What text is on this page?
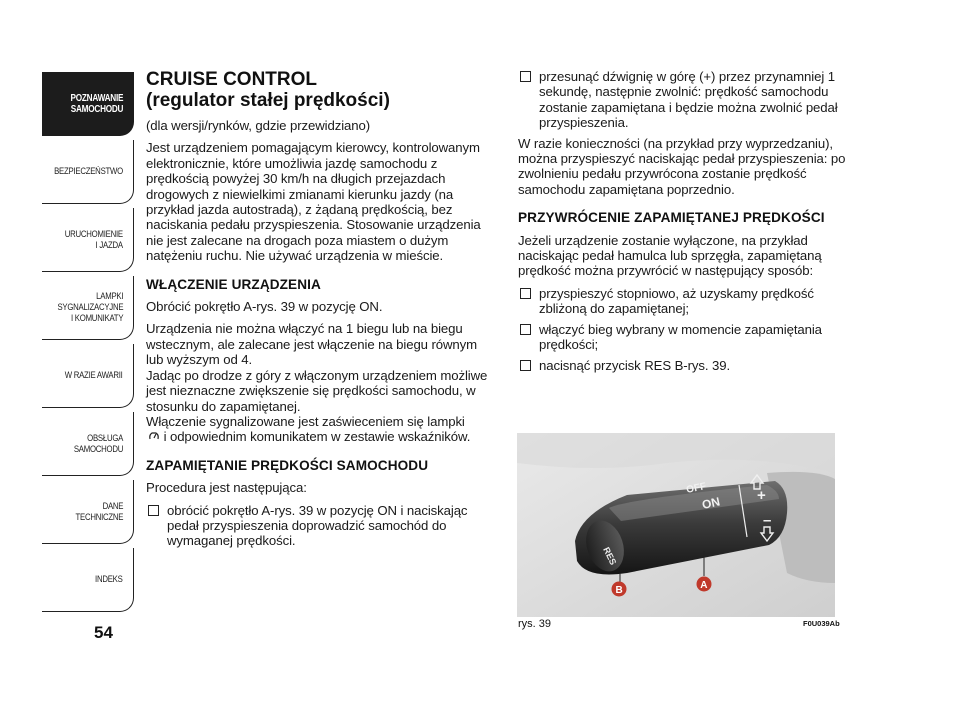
POZNAWANIE
SAMOCHODU
BEZPIECZEŃSTWO
URUCHOMIENIE
I JAZDA
LAMPKI
SYGNALIZACYJNE
I KOMUNIKATY
W RAZIE AWARII
OBSŁUGA
SAMOCHODU
DANE
TECHNICZNE
INDEKS
54
CRUISE CONTROL
(regulator stałej prędkości)

(dla wersji/rynków, gdzie przewidziano)

Jest urządzeniem pomagającym kierowcy, kontrolowanym elektronicznie, które umożliwia jazdę samochodu z prędkością powyżej 30 km/h na długich przejazdach drogowych z niewielkimi zmianami kierunku jazdy (na przykład jazda autostradą), z żądaną prędkością, bez naciskania pedału przyspieszenia. Stosowanie urządzenia nie jest zalecane na drogach poza miastem o dużym natężeniu ruchu. Nie używać urządzenia w mieście.

WŁĄCZENIE URZĄDZENIA

Obrócić pokrętło A-rys. 39 w pozycję ON.

Urządzenia nie można włączyć na 1 biegu lub na biegu wstecznym, ale zalecane jest włączenie na biegu równym lub wyższym od 4.
Jadąc po drodze z góry z włączonym urządzeniem możliwe jest nieznaczne zwiększenie się prędkości samochodu, w stosunku do zapamiętanej.
Włączenie sygnalizowane jest zaświeceniem się lampki
i odpowiednim komunikatem w zestawie wskaźników.

ZAPAMIĘTANIE PRĘDKOŚCI SAMOCHODU

Procedura jest następująca:

obrócić pokrętło A-rys. 39 w pozycję ON i naciskając pedał przyspieszenia doprowadzić samochód do wymaganej prędkości.
przesunąć dźwignię w górę (+) przez przynamniej 1 sekundę, następnie zwolnić: prędkość samochodu zostanie zapamiętana i będzie można zwolnić pedał przyspieszenia.

W razie konieczności (na przykład przy wyprzedzaniu), można przyspieszyć naciskając pedał przyspieszenia: po zwolnieniu pedału przywrócona zostanie prędkość samochodu zapamiętana poprzednio.

PRZYWRÓCENIE ZAPAMIĘTANEJ PRĘDKOŚCI

Jeżeli urządzenie zostanie wyłączone, na przykład naciskając pedał hamulca lub sprzęgła, zapamiętaną prędkość można przywrócić w następujący sposób:

przyspieszyć stopniowo, aż uzyskamy prędkość zbliżoną do zapamiętanej;
włączyć bieg wybrany w momencie zapamiętania prędkości;
nacisnąć przycisk RES B-rys. 39.
RES
OFF
ON +
–
B	A
rys. 39	F0U039Ab
